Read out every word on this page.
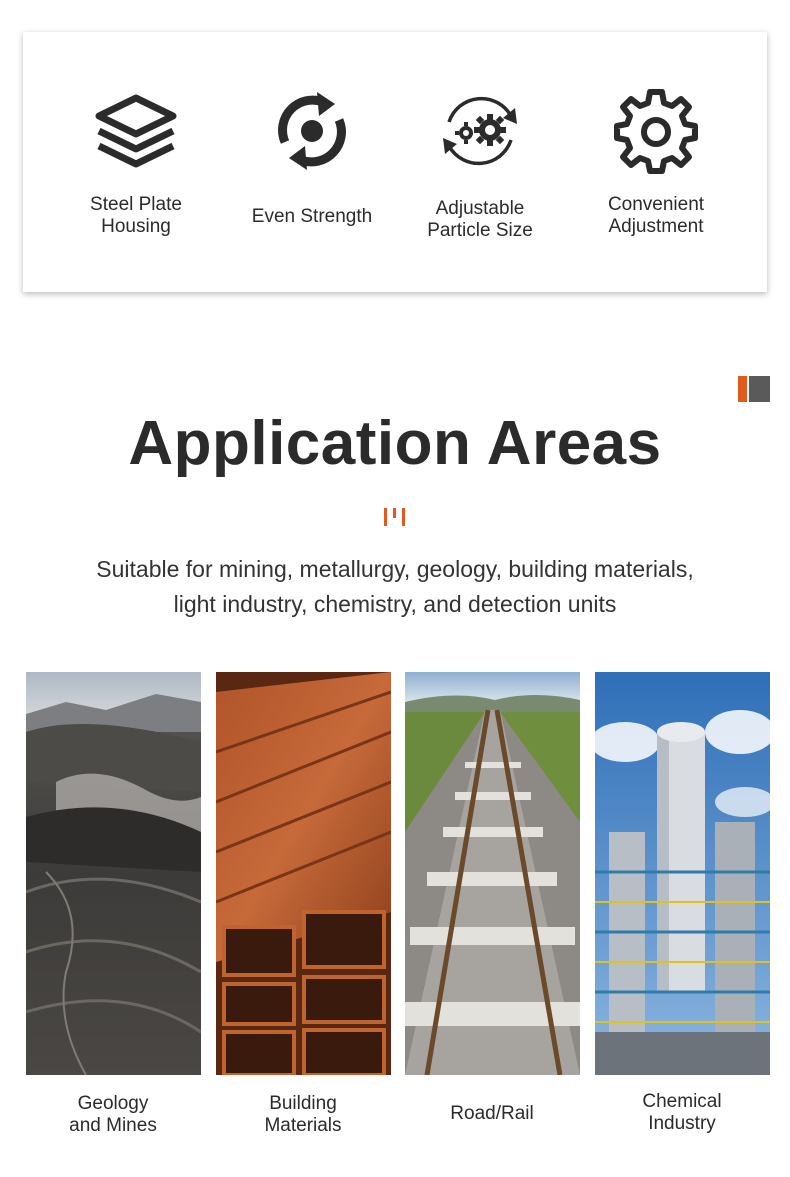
Steel Plate
Housing	Even Strength	Adjustable
Particle Size
Convenient
Adjustment
Application Areas
Suitable for mining, metallurgy, geology, building materials,
light industry, chemistry, and detection units
Geology
and Mines
Building
Materials
Road/Rail
Chemical
Industry
